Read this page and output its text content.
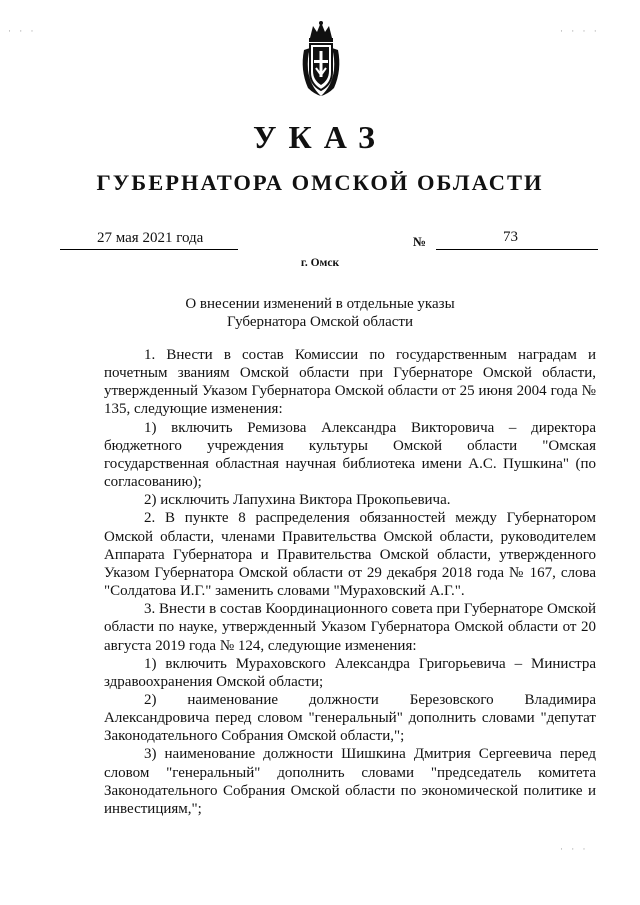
УКАЗ
ГУБЕРНАТОРА ОМСКОЙ ОБЛАСТИ
27 мая 2021 года	№	73
г. Омск
О внесении изменений в отдельные указы
Губернатора Омской области

1. Внести в состав Комиссии по государственным наградам и почетным званиям Омской области при Губернаторе Омской области, утвержденный Указом Губернатора Омской области от 25 июня 2004 года № 135, следующие изменения:

1) включить Ремизова Александра Викторовича – директора бюджетного учреждения культуры Омской области "Омская государственная областная научная библиотека имени А.С. Пушкина" (по согласованию);

2) исключить Лапухина Виктора Прокопьевича.

2. В пункте 8 распределения обязанностей между Губернатором Омской области, членами Правительства Омской области, руководителем Аппарата Губернатора и Правительства Омской области, утвержденного Указом Губернатора Омской области от 29 декабря 2018 года № 167, слова "Солдатова И.Г." заменить словами "Мураховский А.Г.".

3. Внести в состав Координационного совета при Губернаторе Омской области по науке, утвержденный Указом Губернатора Омской области от 20 августа 2019 года № 124, следующие изменения:

1) включить Мураховского Александра Григорьевича – Министра здравоохранения Омской области;

2) наименование должности Березовского Владимира Александровича перед словом "генеральный" дополнить словами "депутат Законодательного Собрания Омской области,";

3) наименование должности Шишкина Дмитрия Сергеевича перед словом "генеральный" дополнить словами "председатель комитета Законодательного Собрания Омской области по экономической политике и инвестициям,";

· · ·	· · · ·
· · ·
